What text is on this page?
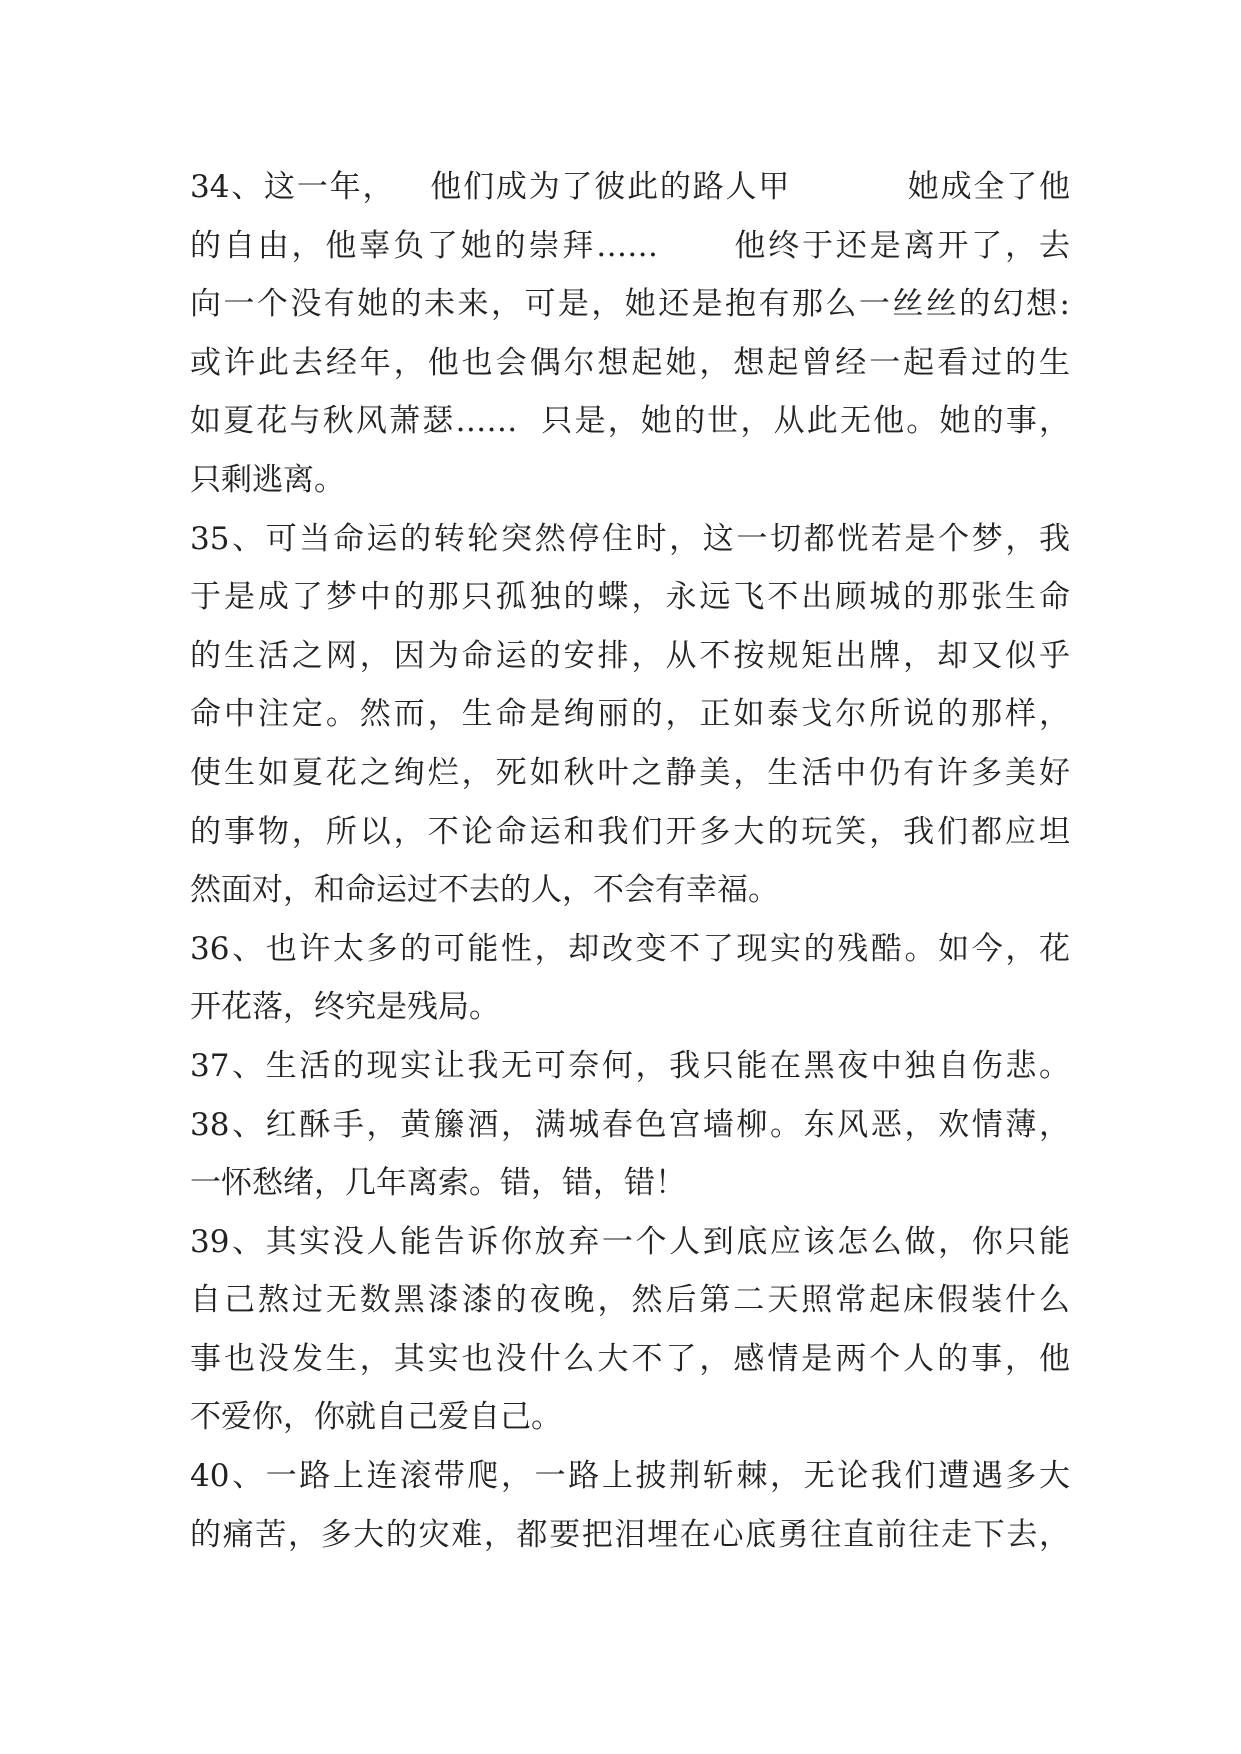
34、这一年，   他们成为了彼此的路人甲          她成全了他
的自由，他辜负了她的崇拜……      他终于还是离开了，去
向一个没有她的未来，可是，她还是抱有那么一丝丝的幻想:
或许此去经年，他也会偶尔想起她，想起曾经一起看过的生
如夏花与秋风萧瑟……  只是，她的世，从此无他。她的事，
只剩逃离。
35、可当命运的转轮突然停住时，这一切都恍若是个梦，我
于是成了梦中的那只孤独的蝶，永远飞不出顾城的那张生命
的生活之网，因为命运的安排，从不按规矩出牌，却又似乎
命中注定。然而，生命是绚丽的，正如泰戈尔所说的那样，
使生如夏花之绚烂，死如秋叶之静美，生活中仍有许多美好
的事物，所以，不论命运和我们开多大的玩笑，我们都应坦
然面对，和命运过不去的人，不会有幸福。
36、也许太多的可能性，却改变不了现实的残酷。如今，花
开花落，终究是残局。
37、生活的现实让我无可奈何，我只能在黑夜中独自伤悲。
38、红酥手，黄籘酒，满城春色宫墙柳。东风恶，欢情薄，
一怀愁绪，几年离索。错，错，错！
39、其实没人能告诉你放弃一个人到底应该怎么做，你只能
自己熬过无数黑漆漆的夜晚，然后第二天照常起床假装什么
事也没发生，其实也没什么大不了，感情是两个人的事，他
不爱你，你就自己爱自己。
40、一路上连滚带爬，一路上披荆斩棘，无论我们遭遇多大
的痛苦，多大的灾难，都要把泪埋在心底勇往直前往走下去，
